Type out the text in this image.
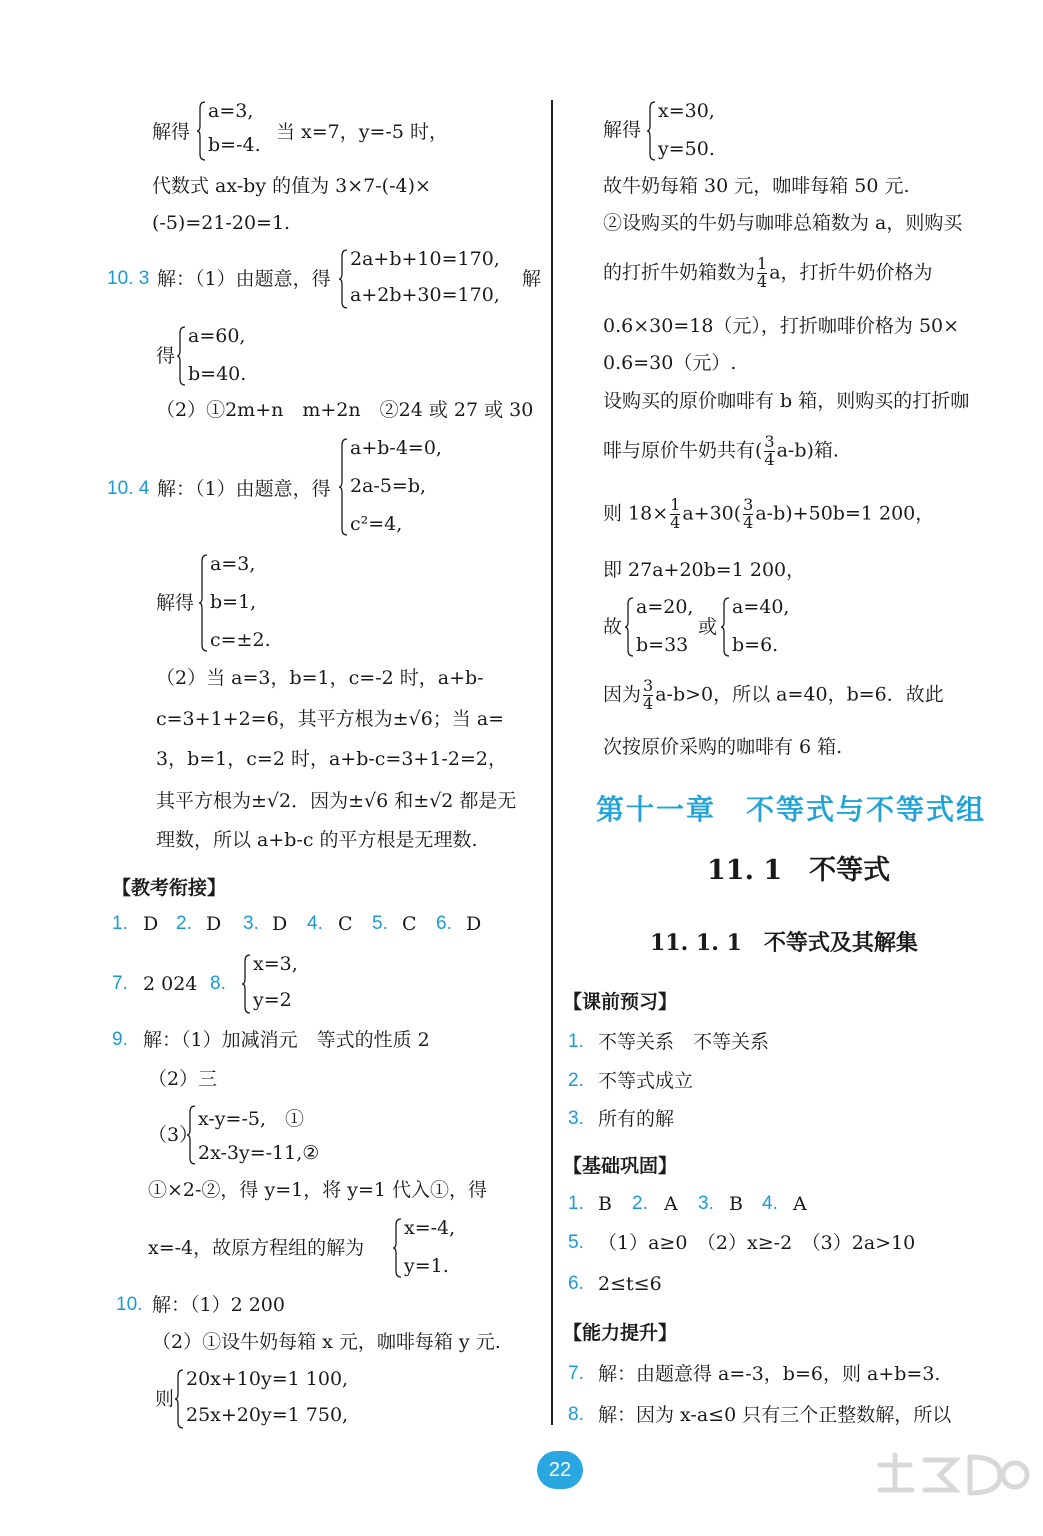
解得
a=3,
b=-4.
当 x=7，y=-5 时，
代数式 ax-by 的值为 3×7-(-4)×
(-5)=21-20=1.
10. 3 解：（1）由题意，得
2a+b+10=170,
a+2b+30=170,
解
得
a=60,
b=40.
（2）①2m+n　m+2n　②24 或 27 或 30
10. 4 解：（1）由题意，得
a+b-4=0,
2a-5=b,
c²=4,
解得
a=3,
b=1,
c=±2.
（2）当 a=3，b=1，c=-2 时，a+b-
c=3+1+2=6，其平方根为±√6；当 a=
3，b=1，c=2 时，a+b-c=3+1-2=2，
其平方根为±√2．因为±√6 和±√2 都是无
理数，所以 a+b-c 的平方根是无理数.
【教考衔接】
1. D 2. D 3. D 4. C 5. C 6. D
7. 2 024 8.
x=3,
y=2
9. 解：（1）加减消元　等式的性质 2
（2）三
（3）
x-y=-5,　①
2x-3y=-11,②
①×2-②，得 y=1，将 y=1 代入①，得
x=-4，故原方程组的解为
x=-4,
y=1.
10. 解：（1）2 200
（2）①设牛奶每箱 x 元，咖啡每箱 y 元.
则
20x+10y=1 100,
25x+20y=1 750,
解得
x=30,
y=50.
故牛奶每箱 30 元，咖啡每箱 50 元.
②设购买的牛奶与咖啡总箱数为 a，则购买
的打折牛奶箱数为 $\frac{1}{4}$ a，打折牛奶价格为
0.6×30=18（元），打折咖啡价格为 50×
0.6=30（元）.
设购买的原价咖啡有 b 箱，则购买的打折咖
啡与原价牛奶共有( $\frac{3}{4} a-b$)箱.
则 $18\times \frac{1}{4} a+30( \frac{3}{4} a-b)+50b=1$ 200，
即 27a+20b=1 200，
故
a=20,
b=33
或
a=40,
b=6.
因为 $\frac{3}{4} a-b>0$，所以 a=40，b=6．故此
次按原价采购的咖啡有 6 箱.
第十一章　不等式与不等式组
11. 1　不等式
11. 1. 1　不等式及其解集
【课前预习】
1. 不等关系　不等关系
2. 不等式成立
3. 所有的解
【基础巩固】
1. B 2. A 3. B 4. A
5. （1）a≥0　（2）x≥-2　（3）2a>10
6. 2≤t≤6
【能力提升】
7. 解：由题意得 a=-3，b=6，则 a+b=3.
8. 解：因为 x-a≤0 只有三个正整数解，所以
22
